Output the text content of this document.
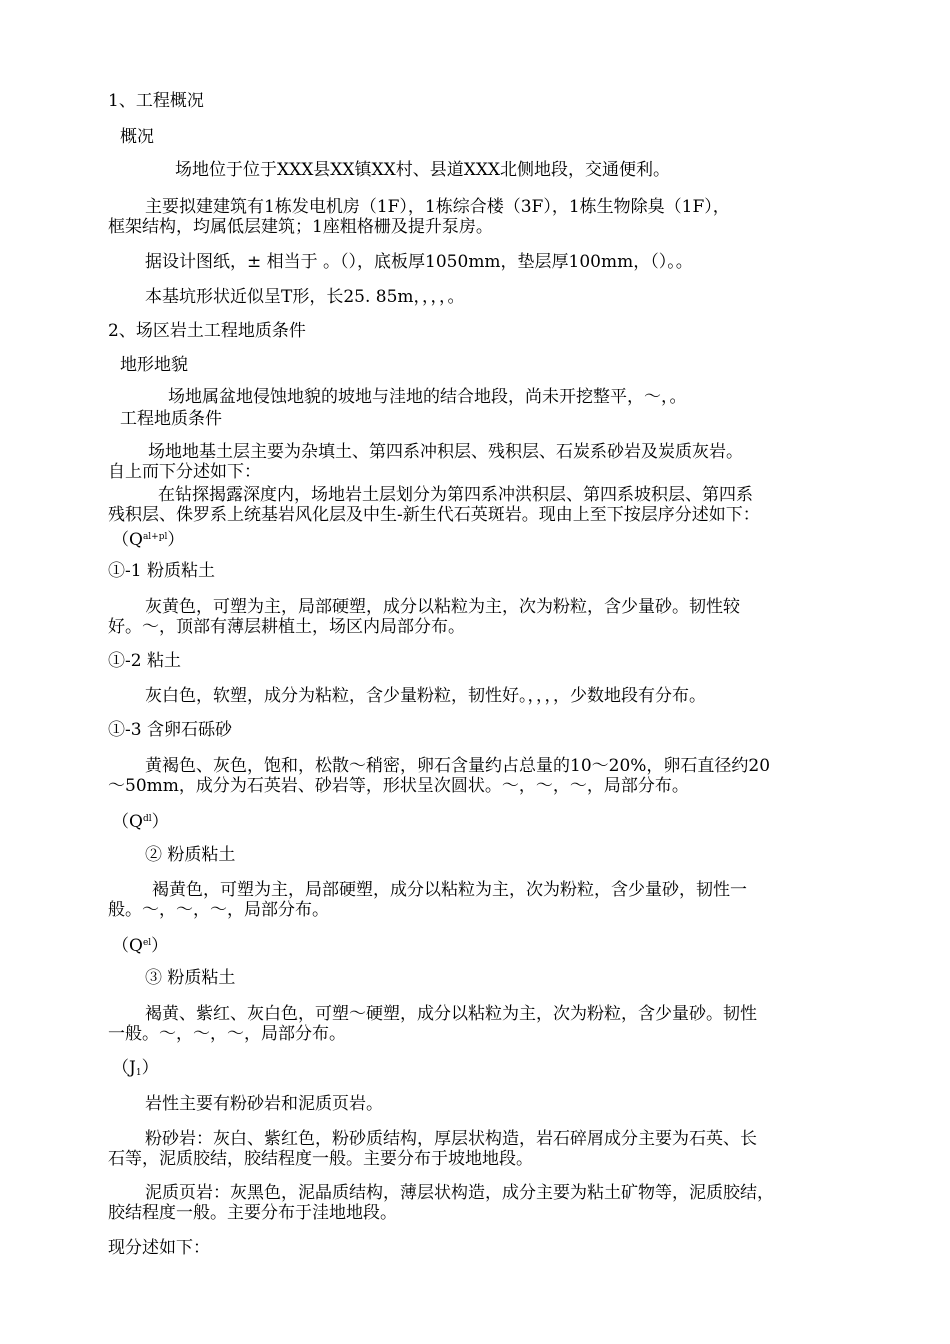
1、工程概况
概况
场地位于位于XXX县XX镇XX村、县道XXX北侧地段，交通便利。
主要拟建建筑有1栋发电机房（1F），1栋综合楼（3F），1栋生物除臭（1F），
框架结构，均属低层建筑；1座粗格栅及提升泵房。
据设计图纸，± 相当于 。（），底板厚1050mm，垫层厚100mm，（）。。
本基坑形状近似呈T形，长25. 85m，，，，。
2、场区岩土工程地质条件
地形地貌
场地属盆地侵蚀地貌的坡地与洼地的结合地段，尚未开挖整平，～，。
工程地质条件
场地地基土层主要为杂填土、第四系冲积层、残积层、石炭系砂岩及炭质灰岩。
自上而下分述如下：
在钻探揭露深度内，场地岩土层划分为第四系冲洪积层、第四系坡积层、第四系
残积层、侏罗系上统基岩风化层及中生-新生代石英斑岩。现由上至下按层序分述如下：
$(Q^{al+pl})$
①-1 粉质粘土
灰黄色，可塑为主，局部硬塑，成分以粘粒为主，次为粉粒，含少量砂。韧性较
好。～，顶部有薄层耕植土，场区内局部分布。
①-2 粘土
灰白色，软塑，成分为粘粒，含少量粉粒，韧性好。，，，，少数地段有分布。
①-3 含卵石砾砂
黄褐色、灰色，饱和，松散～稍密，卵石含量约占总量的10～20%，卵石直径约20
～50mm，成分为石英岩、砂岩等，形状呈次圆状。～，～，～，局部分布。
$(Q^{dl})$
② 粉质粘土
褐黄色，可塑为主，局部硬塑，成分以粘粒为主，次为粉粒，含少量砂，韧性一
般。～，～，～，局部分布。
$(Q^{el})$
③ 粉质粘土
褐黄、紫红、灰白色，可塑～硬塑，成分以粘粒为主，次为粉粒，含少量砂。韧性
一般。～，～，～，局部分布。
$(J_1)$
岩性主要有粉砂岩和泥质页岩。
粉砂岩：灰白、紫红色，粉砂质结构，厚层状构造，岩石碎屑成分主要为石英、长
石等，泥质胶结，胶结程度一般。主要分布于坡地地段。
泥质页岩：灰黑色，泥晶质结构，薄层状构造，成分主要为粘土矿物等，泥质胶结，
胶结程度一般。主要分布于洼地地段。
现分述如下：
